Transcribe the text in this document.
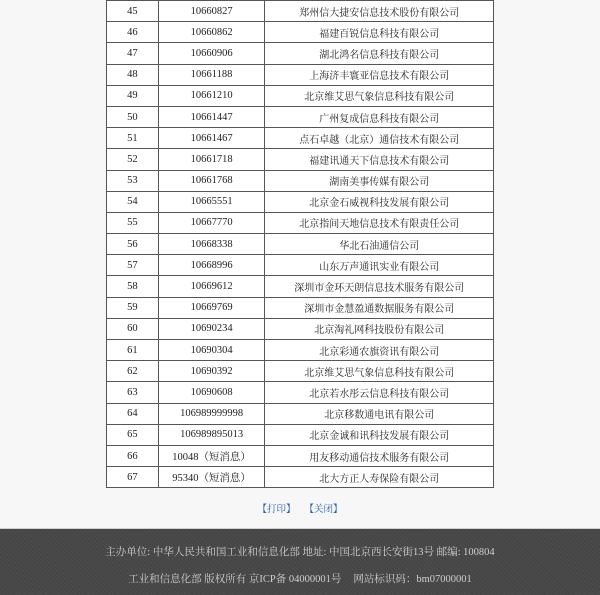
45	10660827	郑州信大捷安信息技术股份有限公司
46	10660862	福建百锐信息科技有限公司
47	10660906	湖北鸿名信息科技有限公司
48	10661188	上海济丰寰亚信息技术有限公司
49	10661210	北京维艾思气象信息科技有限公司
50	10661447	广州复成信息科技有限公司
51	10661467	点石卓越（北京）通信技术有限公司
52	10661718	福建讯通天下信息技术有限公司
53	10661768	湖南美事传媒有限公司
54	10665551	北京金石威视科技发展有限公司
55	10667770	北京指间天地信息技术有限责任公司
56	10668338	华北石油通信公司
57	10668996	山东万声通讯实业有限公司
58	10669612	深圳市金环天朗信息技术服务有限公司
59	10669769	深圳市金慧盈通数据服务有限公司
60	10690234	北京淘礼网科技股份有限公司
61	10690304	北京彩通农旗资讯有限公司
62	10690392	北京维艾思气象信息科技有限公司
63	10690608	北京若水彤云信息科技有限公司
64	106989999998	北京移数通电讯有限公司
65	106989895013	北京金诚和讯科技发展有限公司
66	10048（短消息）	用友移动通信技术服务有限公司
67	95340（短消息）	北大方正人寿保险有限公司
【打印】 【关闭】
主办单位: 中华人民共和国工业和信息化部 地址: 中国北京西长安街13号 邮编: 100804
工业和信息化部 版权所有 京ICP备 04000001号 网站标识码：bm07000001
